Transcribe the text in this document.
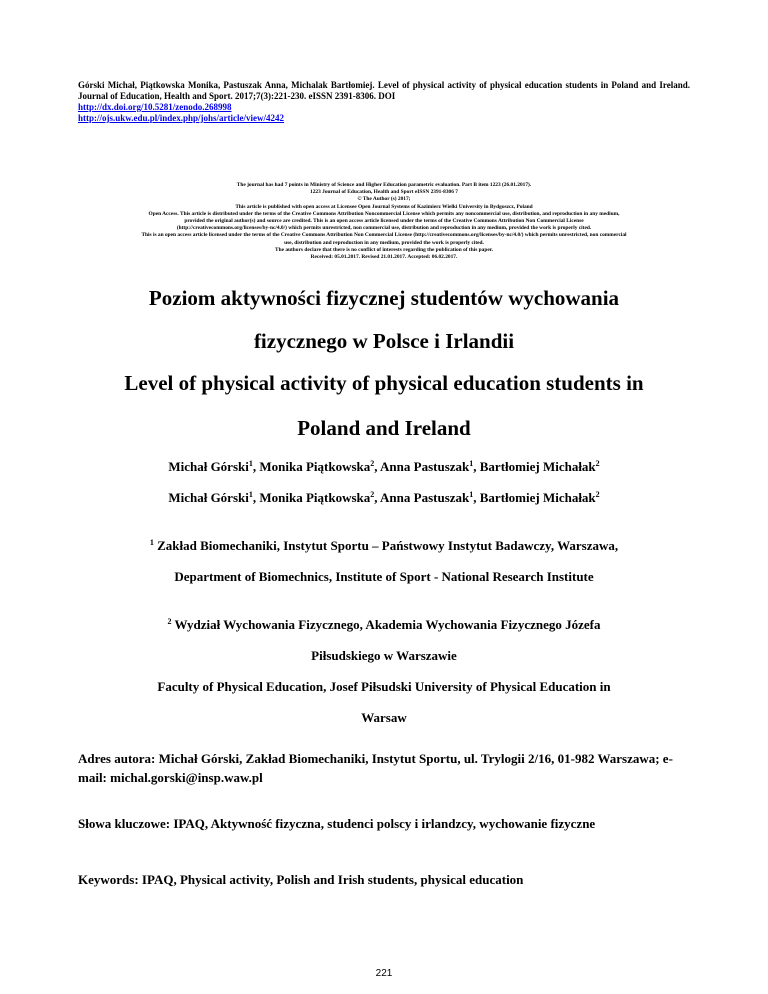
Górski Michał, Piątkowska Monika, Pastuszak Anna, Michalak Bartłomiej. Level of physical activity of physical education students in Poland and Ireland. Journal of Education, Health and Sport. 2017;7(3):221-230. eISSN 2391-8306. DOI
http://dx.doi.org/10.5281/zenodo.268998
http://ojs.ukw.edu.pl/index.php/johs/article/view/4242
The journal has had 7 points in Ministry of Science and Higher Education parametric evaluation. Part B item 1223 (26.01.2017).
1223 Journal of Education, Health and Sport eISSN 2391-8306 7
© The Author (s) 2017;
This article is published with open access at Licensee Open Journal Systems of Kazimierz Wielki University in Bydgoszcz, Poland
Open Access. This article is distributed under the terms of the Creative Commons Attribution Noncommercial License which permits any noncommercial use, distribution, and reproduction in any medium,
provided the original author(s) and source are credited. This is an open access article licensed under the terms of the Creative Commons Attribution Non Commercial License
(http://creativecommons.org/licenses/by-nc/4.0/) which permits unrestricted, non commercial use, distribution and reproduction in any medium, provided the work is properly cited.
This is an open access article licensed under the terms of the Creative Commons Attribution Non Commercial License (http://creativecommons.org/licenses/by-nc/4.0/) which permits unrestricted, non commercial
use, distribution and reproduction in any medium, provided the work is properly cited.
The authors declare that there is no conflict of interests regarding the publication of this paper.
Received: 05.01.2017. Revised 21.01.2017. Accepted: 06.02.2017.
Poziom aktywności fizycznej studentów wychowania
fizycznego w Polsce i Irlandii
Level of physical activity of physical education students in
Poland and Ireland
Michał Górski$^1$, Monika Piątkowska$^2$, Anna Pastuszak$^1$, Bartłomiej Michałak$^2$
Michał Górski$^1$, Monika Piątkowska$^2$, Anna Pastuszak$^1$, Bartłomiej Michałak$^2$
$^1$ Zakład Biomechaniki, Instytut Sportu – Państwowy Instytut Badawczy, Warszawa,
Department of Biomechnics, Institute of Sport - National Research Institute
$^2$ Wydział Wychowania Fizycznego, Akademia Wychowania Fizycznego Józefa
Piłsudskiego w Warszawie
Faculty of Physical Education, Josef Piłsudski University of Physical Education in
Warsaw
Adres autora: Michał Górski, Zakład Biomechaniki, Instytut Sportu, ul. Trylogii 2/16, 01-982 Warszawa; e-mail: michal.gorski@insp.waw.pl
Słowa kluczowe: IPAQ, Aktywność fizyczna, studenci polscy i irlandzcy, wychowanie fizyczne
Keywords: IPAQ, Physical activity, Polish and Irish students, physical education
221
